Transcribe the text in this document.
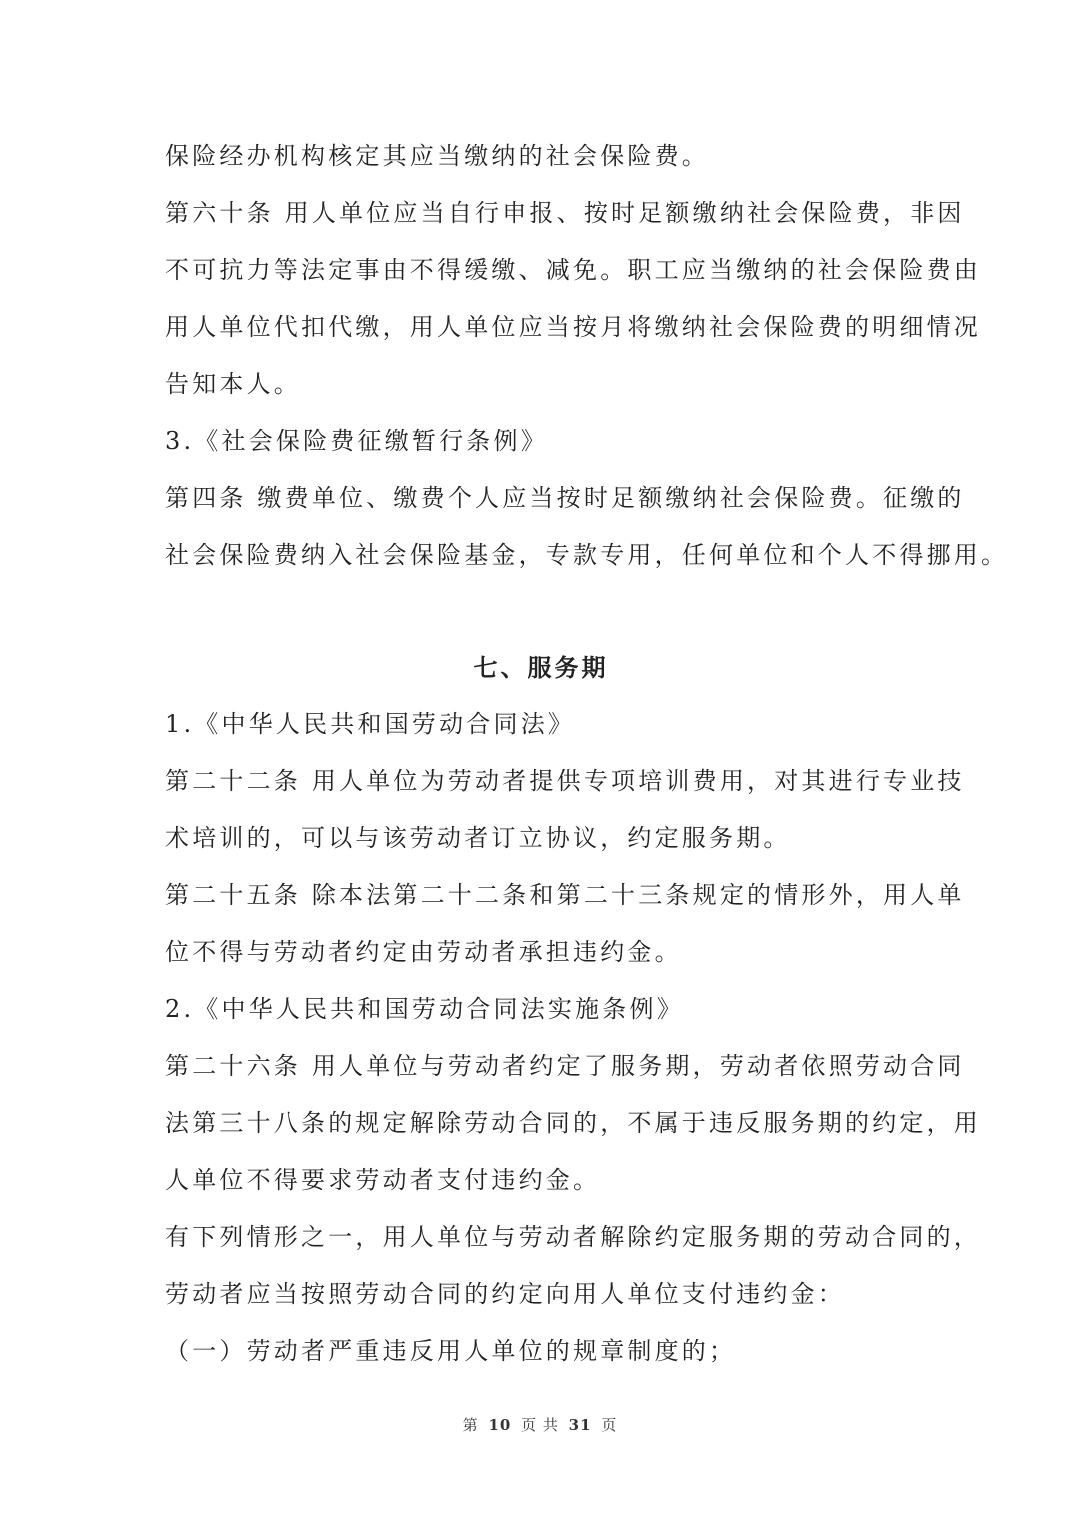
保险经办机构核定其应当缴纳的社会保险费。
第六十条 用人单位应当自行申报、按时足额缴纳社会保险费，非因
不可抗力等法定事由不得缓缴、减免。职工应当缴纳的社会保险费由
用人单位代扣代缴，用人单位应当按月将缴纳社会保险费的明细情况
告知本人。
3.《社会保险费征缴暂行条例》
第四条 缴费单位、缴费个人应当按时足额缴纳社会保险费。征缴的
社会保险费纳入社会保险基金，专款专用，任何单位和个人不得挪用。
七、服务期
1.《中华人民共和国劳动合同法》
第二十二条 用人单位为劳动者提供专项培训费用，对其进行专业技
术培训的，可以与该劳动者订立协议，约定服务期。
第二十五条 除本法第二十二条和第二十三条规定的情形外，用人单
位不得与劳动者约定由劳动者承担违约金。
2.《中华人民共和国劳动合同法实施条例》
第二十六条 用人单位与劳动者约定了服务期，劳动者依照劳动合同
法第三十八条的规定解除劳动合同的，不属于违反服务期的约定，用
人单位不得要求劳动者支付违约金。
有下列情形之一，用人单位与劳动者解除约定服务期的劳动合同的，
劳动者应当按照劳动合同的约定向用人单位支付违约金：
（一）劳动者严重违反用人单位的规章制度的；
第 10 页 共 31 页
